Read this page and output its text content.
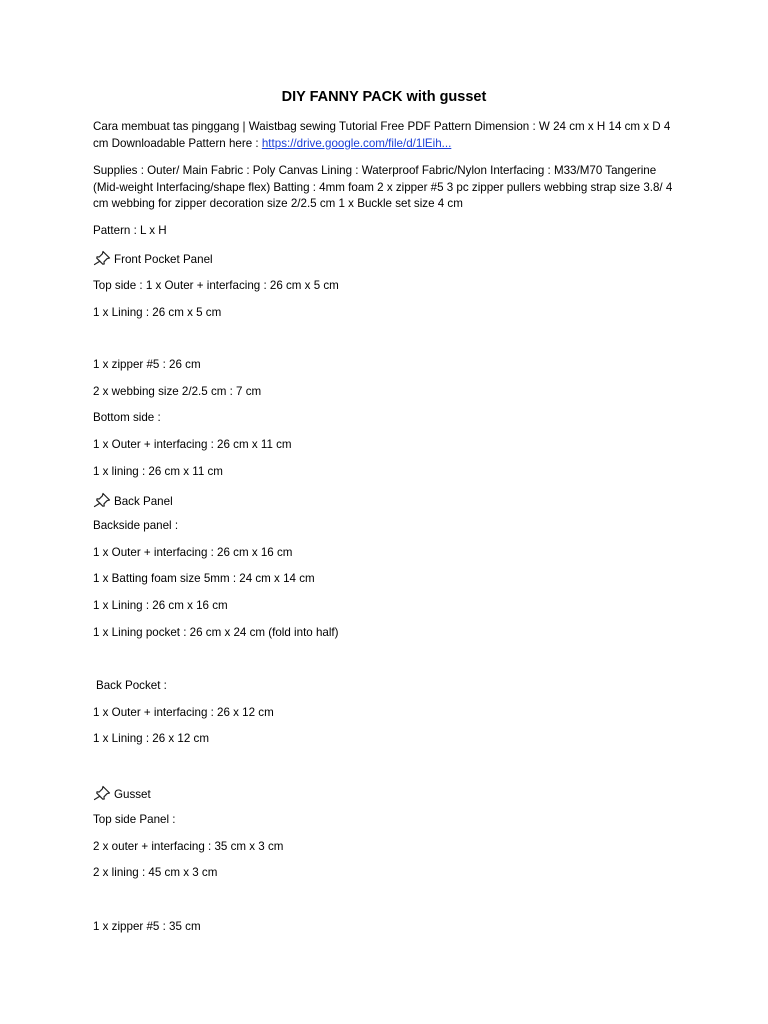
DIY FANNY PACK with gusset
Cara membuat tas pinggang | Waistbag sewing Tutorial Free PDF Pattern Dimension : W 24 cm x H 14 cm x D 4 cm Downloadable Pattern here : https://drive.google.com/file/d/1lEih...
Supplies : Outer/ Main Fabric : Poly Canvas Lining : Waterproof Fabric/Nylon Interfacing : M33/M70 Tangerine (Mid-weight Interfacing/shape flex) Batting : 4mm foam 2 x zipper #5 3 pc zipper pullers webbing strap size 3.8/ 4 cm webbing for zipper decoration size 2/2.5 cm 1 x Buckle set size 4 cm
Pattern : L x H
Front Pocket Panel
Top side : 1 x Outer + interfacing : 26 cm x 5 cm
1 x Lining : 26 cm x 5 cm
1 x zipper #5 : 26 cm
2 x webbing size 2/2.5 cm : 7 cm
Bottom side :
1 x Outer + interfacing : 26 cm x 11 cm
1 x lining : 26 cm x 11 cm
Back Panel
Backside panel :
1 x Outer + interfacing : 26 cm x 16 cm
1 x Batting foam size 5mm : 24 cm x 14 cm
1 x Lining : 26 cm x 16 cm
1 x Lining pocket : 26 cm x 24 cm (fold into half)
Back Pocket :
1 x Outer + interfacing : 26 x 12 cm
1 x Lining : 26 x 12 cm
Gusset
Top side Panel :
2 x outer + interfacing : 35 cm x 3 cm
2 x lining : 45 cm x 3 cm
1 x zipper #5 : 35 cm
